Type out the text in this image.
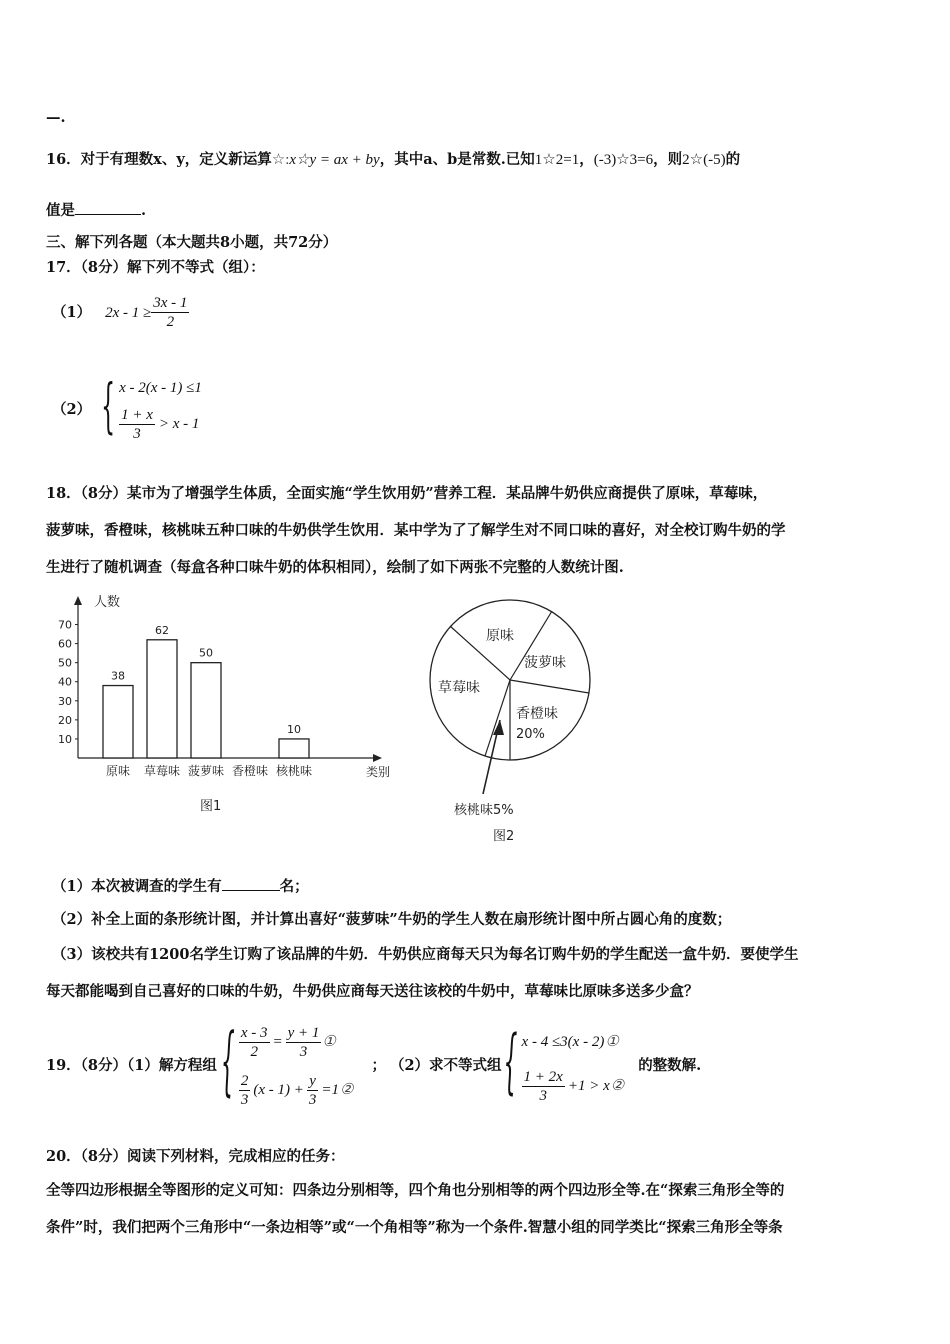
—.
16．对于有理数x、y，定义新运算☆:x☆y = ax + by，其中a、b是常数.已知1☆2=1，(-3)☆3=6，则2☆(-5)的
值是	.
三、解下列各题（本大题共8小题，共72分）
17．（8分）解下列不等式（组）：
（1） $2x - 1 \ge \frac{3x - 1}{2}$
（2） { x - 2(x - 1) ≤1
$\frac{1 + x}{3} > x - 1$
18．（8分）某市为了增强学生体质，全面实施“学生饮用奶”营养工程．某品牌牛奶供应商提供了原味，草莓味，
菠萝味，香橙味，核桃味五种口味的牛奶供学生饮用．某中学为了了解学生对不同口味的喜好，对全校订购牛奶的学
生进行了随机调查（每盒各种口味牛奶的体积相同），绘制了如下两张不完整的人数统计图.
人数
10
20
30
40
50
60
70
38
62
50
10
原味 草莓味 菠萝味 香橙味 核桃味	类别
图1
原味
菠萝味
香橙味
20%
草莓味
核桃味5%
图2
（1）本次被调查的学生有	名；
（2）补全上面的条形统计图，并计算出喜好“菠萝味”牛奶的学生人数在扇形统计图中所占圆心角的度数；
（3）该校共有1200名学生订购了该品牌的牛奶．牛奶供应商每天只为每名订购牛奶的学生配送一盒牛奶．要使学生
每天都能喝到自己喜好的口味的牛奶，牛奶供应商每天送往该校的牛奶中，草莓味比原味多送多少盒？
19．（8分）（1）解方程组 { $\frac{x - 3}{2} = \frac{y + 1}{3}$ ①
$\frac{2}{3} (x - 1) + \frac{y}{3} =1$ ②
； （2）求不等式组 { x - 4 ≤3(x - 2) ①
$\frac{1 + 2x}{3} +1 > x$ ②
的整数解.
20．（8分）阅读下列材料，完成相应的任务：
全等四边形根据全等图形的定义可知：四条边分别相等，四个角也分别相等的两个四边形全等.在“探索三角形全等的
条件”时，我们把两个三角形中“一条边相等”或“一个角相等”称为一个条件.智慧小组的同学类比“探索三角形全等条
